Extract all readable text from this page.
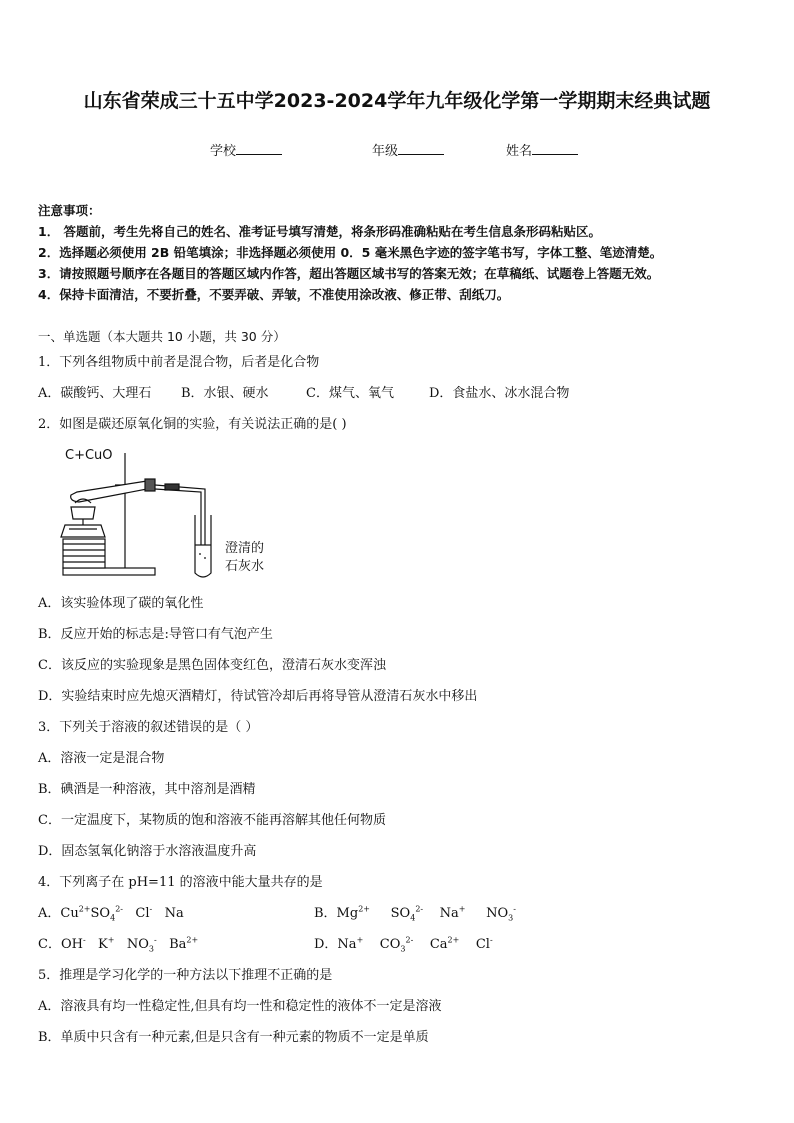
山东省荣成三十五中学2023-2024学年九年级化学第一学期期末经典试题
学校	年级	姓名
注意事项：
1． 答题前，考生先将自己的姓名、准考证号填写清楚，将条形码准确粘贴在考生信息条形码粘贴区。
2．选择题必须使用 2B 铅笔填涂；非选择题必须使用 0．5 毫米黑色字迹的签字笔书写，字体工整、笔迹清楚。
3．请按照题号顺序在各题目的答题区域内作答，超出答题区域书写的答案无效；在草稿纸、试题卷上答题无效。
4．保持卡面清洁，不要折叠，不要弄破、弄皱，不准使用涂改液、修正带、刮纸刀。
一、单选题（本大题共 10 小题，共 30 分）
1．下列各组物质中前者是混合物，后者是化合物
A．碳酸钙、大理石 B．水银、硬水	C．煤气、氧气	D．食盐水、冰水混合物
2．如图是碳还原氧化铜的实验，有关说法正确的是( )
C+CuO
澄清的
石灰水
A．该实验体现了碳的氧化性
B．反应开始的标志是:导管口有气泡产生
C．该反应的实验现象是黑色固体变红色，澄清石灰水变浑浊
D．实验结束时应先熄灭酒精灯，待试管冷却后再将导管从澄清石灰水中移出
3．下列关于溶液的叙述错误的是（ ）
A．溶液一定是混合物
B．碘酒是一种溶液，其中溶剂是酒精
C．一定温度下，某物质的饱和溶液不能再溶解其他任何物质
D．固态氢氧化钠溶于水溶液温度升高
4．下列离子在 pH=11 的溶液中能大量共存的是
A．$Cu^{2+}SO_4^{2-}$   Cl-   Na	B．$Mg^{2+}$     $SO_4^{2-}$    Na+     $NO_3^-$
C．OH-   K+   $NO_3^-$   $Ba^{2+}$	D．Na+    $CO_3^{2-}$    $Ca^{2+}$    Cl-
5．推理是学习化学的一种方法以下推理不正确的是
A．溶液具有均一性稳定性,但具有均一性和稳定性的液体不一定是溶液
B．单质中只含有一种元素,但是只含有一种元素的物质不一定是单质
